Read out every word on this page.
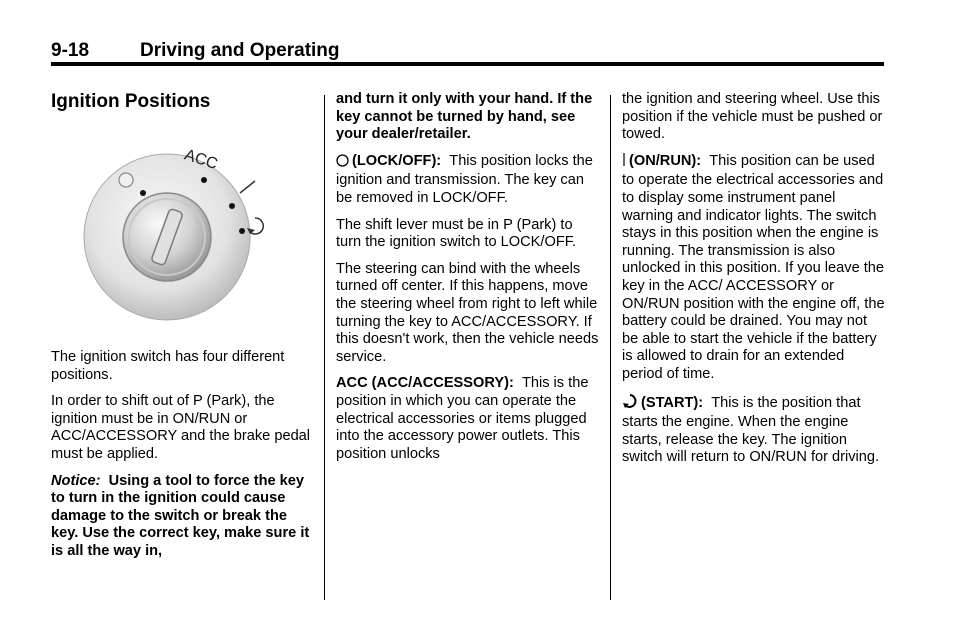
9-18	Driving and Operating
Ignition Positions
ACC

The ignition switch has four different positions.

In order to shift out of P (Park), the ignition must be in ON/RUN or ACC/ACCESSORY and the brake pedal must be applied.

Notice: Using a tool to force the key to turn in the ignition could cause damage to the switch or break the key. Use the correct key, make sure it is all the way in,

and turn it only with your hand. If the key cannot be turned by hand, see your dealer/retailer.

(LOCK/OFF): This position locks the ignition and transmission. The key can be removed in LOCK/OFF.

The shift lever must be in P (Park) to turn the ignition switch to LOCK/OFF.

The steering can bind with the wheels turned off center. If this happens, move the steering wheel from right to left while turning the key to ACC/ACCESSORY. If this doesn't work, then the vehicle needs service.

ACC (ACC/ACCESSORY): This is the position in which you can operate the electrical accessories or items plugged into the accessory power outlets. This position unlocks

the ignition and steering wheel. Use this position if the vehicle must be pushed or towed.

(ON/RUN): This position can be used to operate the electrical accessories and to display some instrument panel warning and indicator lights. The switch stays in this position when the engine is running. The transmission is also unlocked in this position. If you leave the key in the ACC/ ACCESSORY or ON/RUN position with the engine off, the battery could be drained. You may not be able to start the vehicle if the battery is allowed to drain for an extended period of time.

(START): This is the position that starts the engine. When the engine starts, release the key. The ignition switch will return to ON/RUN for driving.
